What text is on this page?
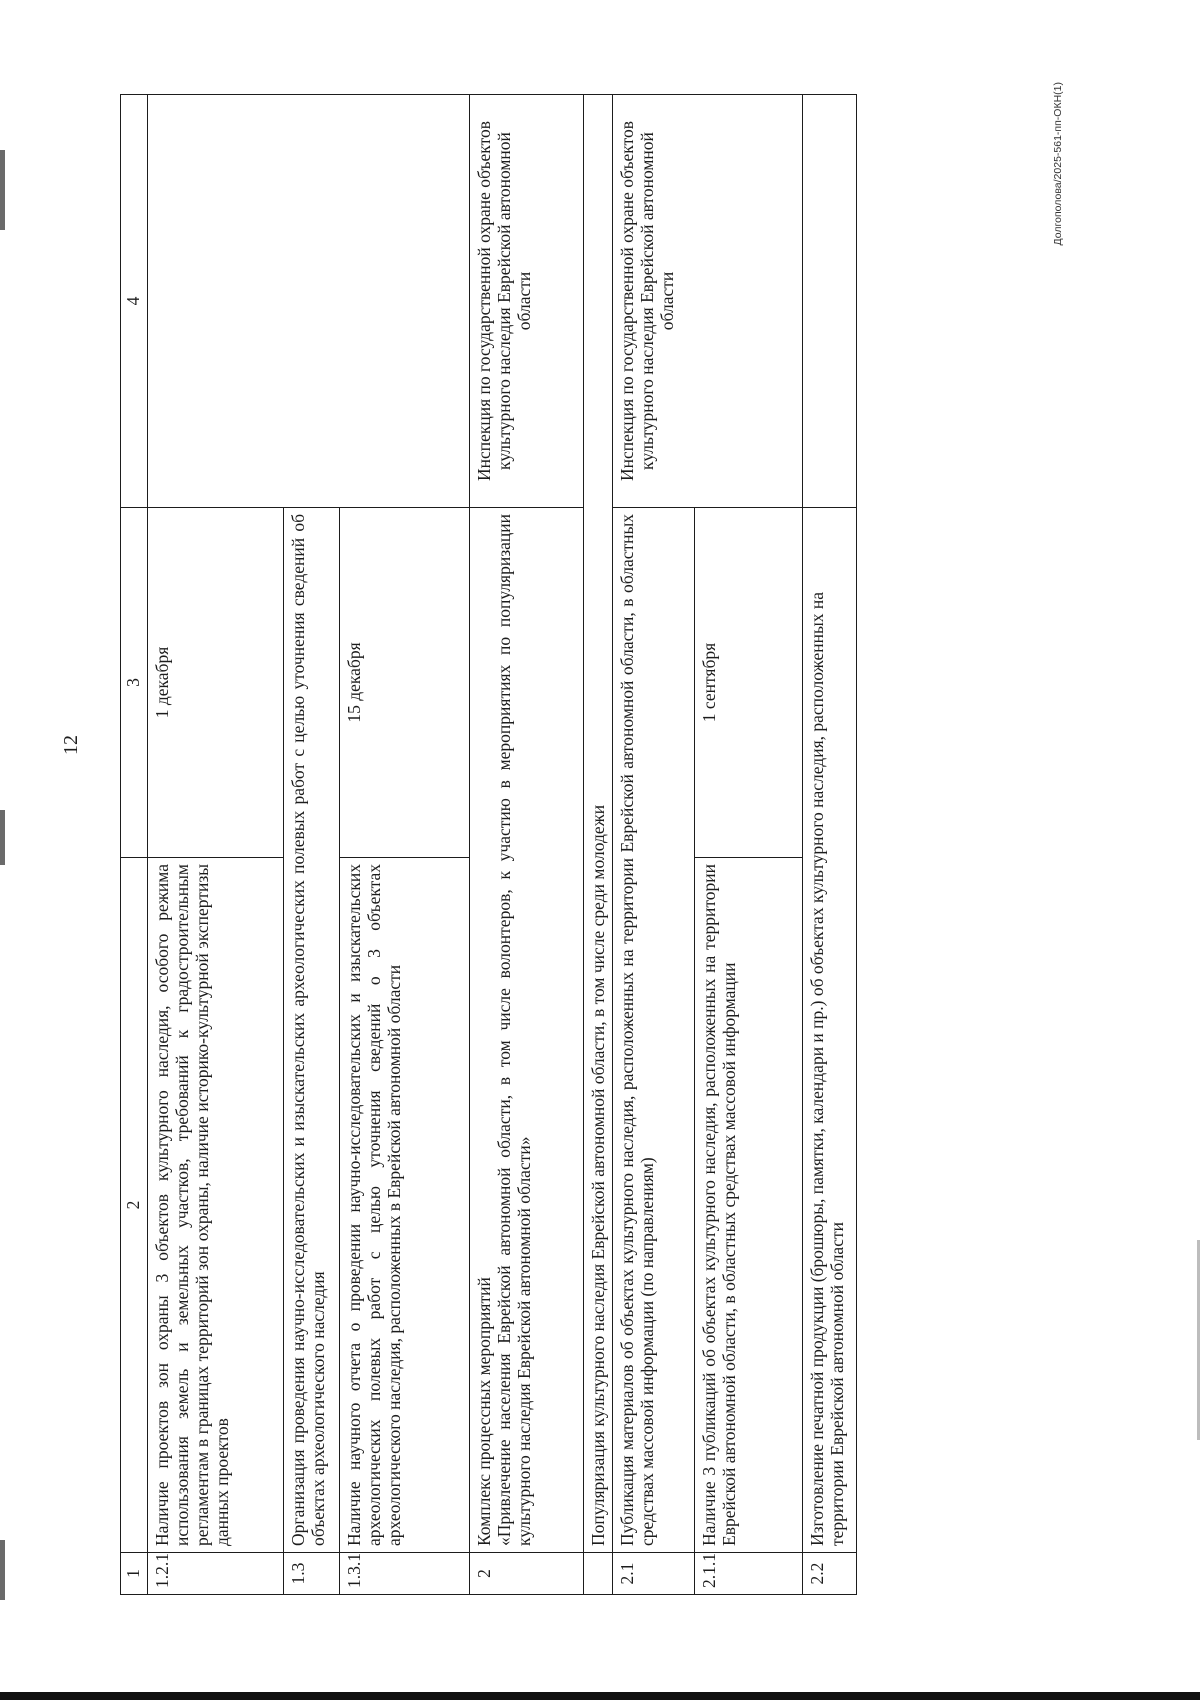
12
1	2	3	4
1.2.1	Наличие проектов зон охраны 3 объектов культурного наследия, особого режима использования земель и земельных участков, требований к градостроительным регламентам в границах территорий зон охраны, наличие историко-культурной экспертизы данных проектов	1 декабря	
1.3	Организация проведения научно-исследовательских и изыскательских археологических полевых работ с целью уточнения сведений об объектах археологического наследия		
1.3.1	Наличие научного отчета о проведении научно-исследовательских и изыскательских археологических полевых работ с целью уточнения сведений о 3 объектах археологического наследия, расположенных в Еврейской автономной области	15 декабря	
2	Комплекс процессных мероприятий «Привлечение населения Еврейской автономной области, в том числе волонтеров, к участию в мероприятиях по популяризации культурного наследия Еврейской автономной области»		Инспекция по государственной охране объектов культурного наследия Еврейской автономной области
	Популяризация культурного наследия Еврейской автономной области, в том числе среди молодежи		
2.1	Публикация материалов об объектах культурного наследия, расположенных на территории Еврейской автономной области, в областных средствах массовой информации (по направлениям)		Инспекция по государственной охране объектов культурного наследия Еврейской автономной области
2.1.1	Наличие 3 публикаций об объектах культурного наследия, расположенных на территории Еврейской автономной области, в областных средствах массовой информации	1 сентября	
2.2	Изготовление печатной продукции (брошюры, памятки, календари и пр.) об объектах культурного наследия, расположенных на территории Еврейской автономной области		
Долгополова/2025-561-пп-ОКН(1)
